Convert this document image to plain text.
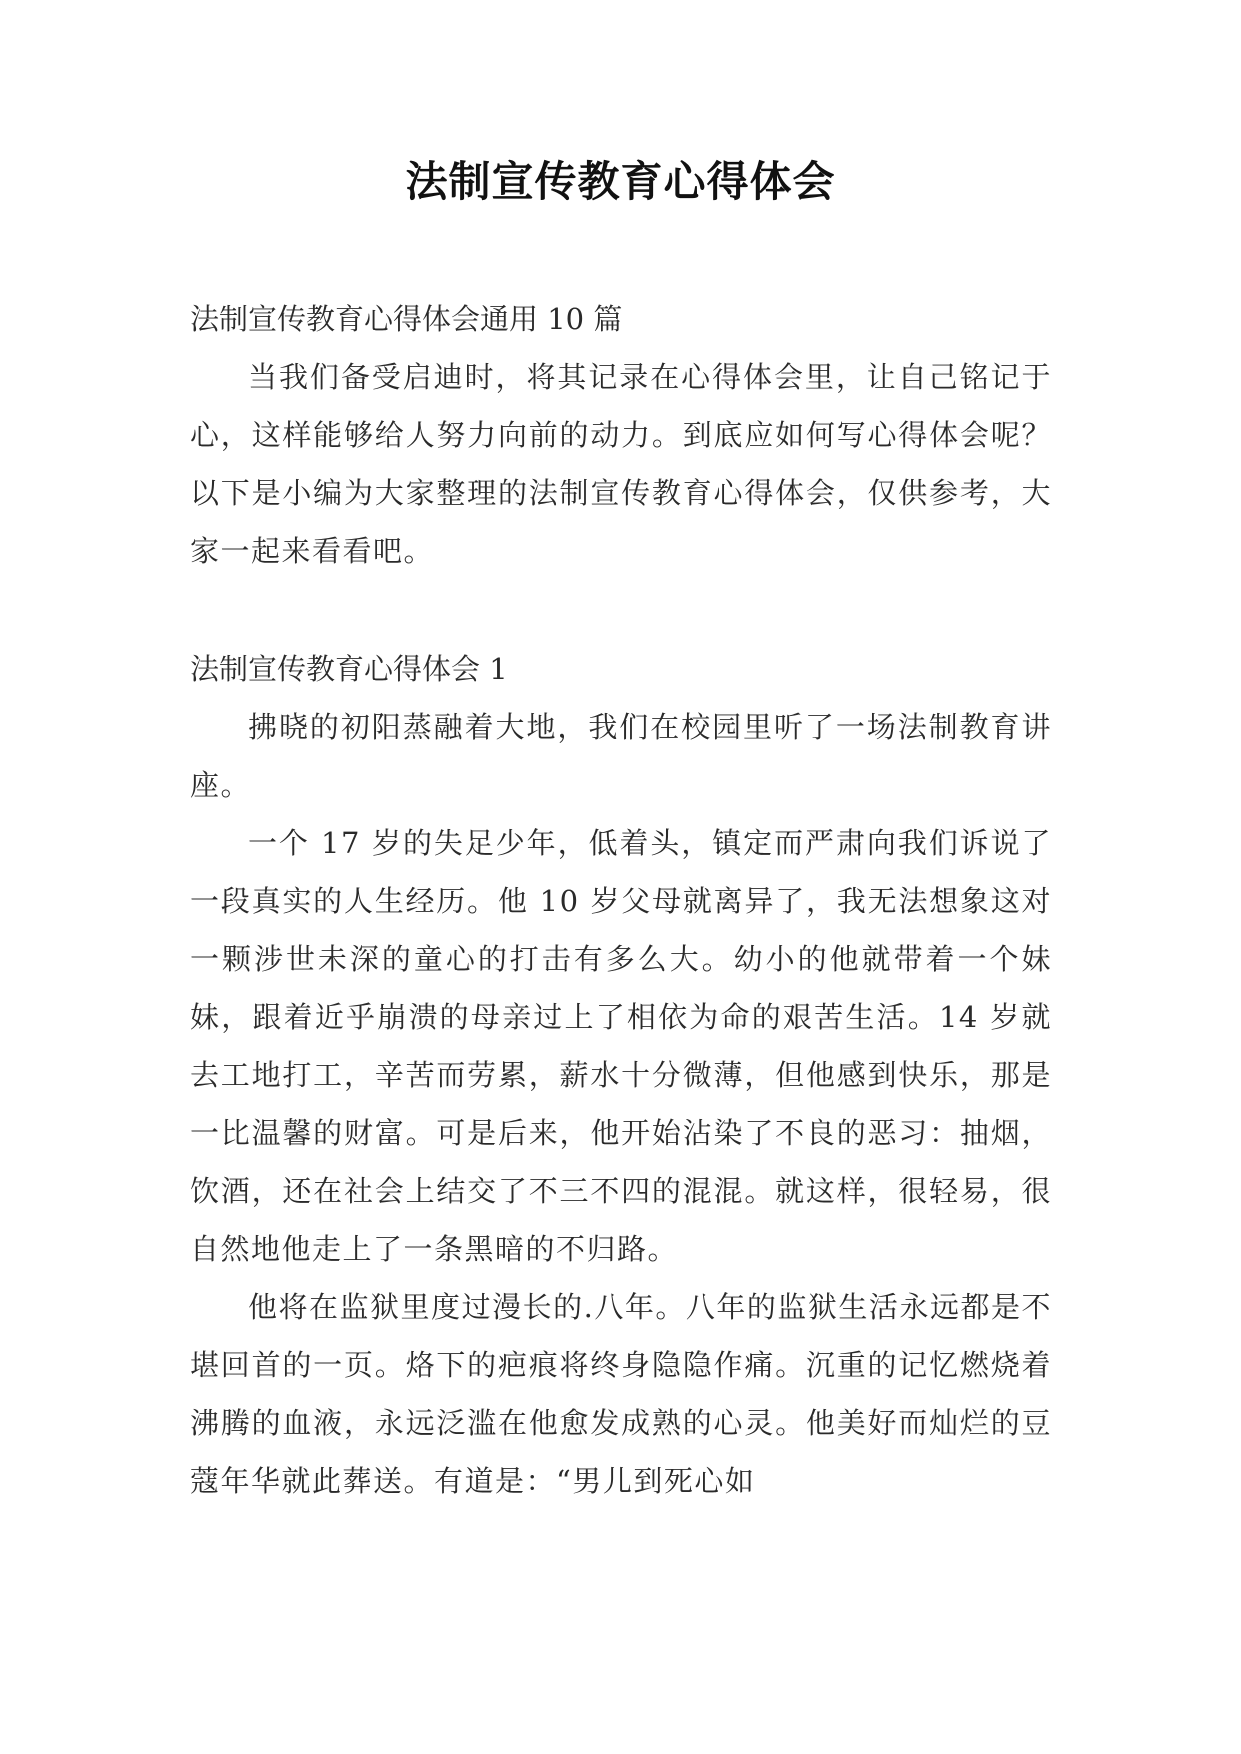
法制宣传教育心得体会

法制宣传教育心得体会通用 10 篇

当我们备受启迪时，将其记录在心得体会里，让自己铭记于心，这样能够给人努力向前的动力。到底应如何写心得体会呢？以下是小编为大家整理的法制宣传教育心得体会，仅供参考，大家一起来看看吧。

法制宣传教育心得体会 1

拂晓的初阳蒸融着大地，我们在校园里听了一场法制教育讲座。

一个 17 岁的失足少年，低着头，镇定而严肃向我们诉说了一段真实的人生经历。他 10 岁父母就离异了，我无法想象这对一颗涉世未深的童心的打击有多么大。幼小的他就带着一个妹妹，跟着近乎崩溃的母亲过上了相依为命的艰苦生活。14 岁就去工地打工，辛苦而劳累，薪水十分微薄，但他感到快乐，那是一比温馨的财富。可是后来，他开始沾染了不良的恶习：抽烟，饮酒，还在社会上结交了不三不四的混混。就这样，很轻易，很自然地他走上了一条黑暗的不归路。

他将在监狱里度过漫长的.八年。八年的监狱生活永远都是不堪回首的一页。烙下的疤痕将终身隐隐作痛。沉重的记忆燃烧着沸腾的血液，永远泛滥在他愈发成熟的心灵。他美好而灿烂的豆蔻年华就此葬送。有道是：“男儿到死心如
